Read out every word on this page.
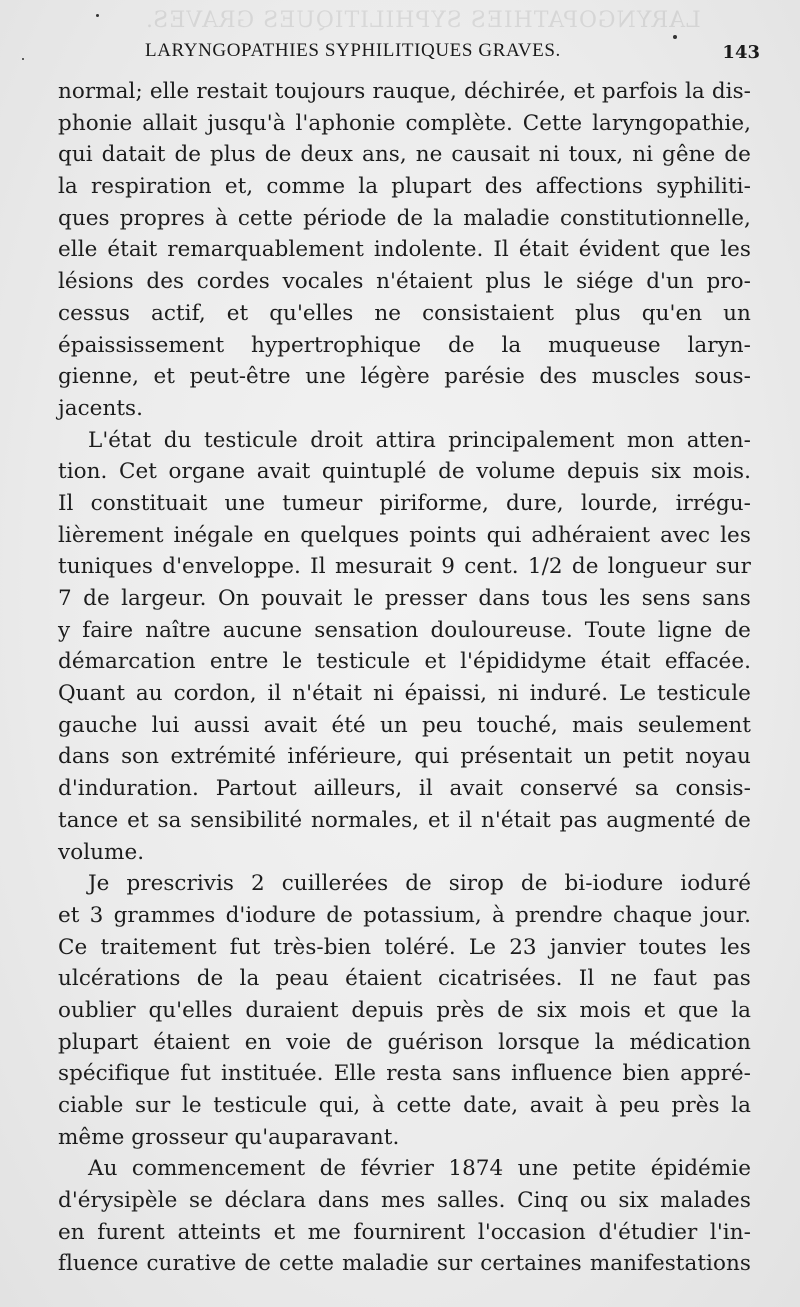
LARYNGOPATHIES SYPHILITIQUES GRAVES.
LARYNGOPATHIES SYPHILITIQUES GRAVES.	143
normal; elle restait toujours rauque, déchirée, et parfois la dis-
phonie allait jusqu'à l'aphonie complète. Cette laryngopathie,
qui datait de plus de deux ans, ne causait ni toux, ni gêne de
la respiration et, comme la plupart des affections syphiliti-
ques propres à cette période de la maladie constitutionnelle,
elle était remarquablement indolente. Il était évident que les
lésions des cordes vocales n'étaient plus le siége d'un pro-
cessus actif, et qu'elles ne consistaient plus qu'en un
épaississement hypertrophique de la muqueuse laryn-
gienne, et peut-être une légère parésie des muscles sous-
jacents.
L'état du testicule droit attira principalement mon atten-
tion. Cet organe avait quintuplé de volume depuis six mois.
Il constituait une tumeur piriforme, dure, lourde, irrégu-
lièrement inégale en quelques points qui adhéraient avec les
tuniques d'enveloppe. Il mesurait 9 cent. 1/2 de longueur sur
7 de largeur. On pouvait le presser dans tous les sens sans
y faire naître aucune sensation douloureuse. Toute ligne de
démarcation entre le testicule et l'épididyme était effacée.
Quant au cordon, il n'était ni épaissi, ni induré. Le testicule
gauche lui aussi avait été un peu touché, mais seulement
dans son extrémité inférieure, qui présentait un petit noyau
d'induration. Partout ailleurs, il avait conservé sa consis-
tance et sa sensibilité normales, et il n'était pas augmenté de
volume.
Je prescrivis 2 cuillerées de sirop de bi-iodure ioduré
et 3 grammes d'iodure de potassium, à prendre chaque jour.
Ce traitement fut très-bien toléré. Le 23 janvier toutes les
ulcérations de la peau étaient cicatrisées. Il ne faut pas
oublier qu'elles duraient depuis près de six mois et que la
plupart étaient en voie de guérison lorsque la médication
spécifique fut instituée. Elle resta sans influence bien appré-
ciable sur le testicule qui, à cette date, avait à peu près la
même grosseur qu'auparavant.
Au commencement de février 1874 une petite épidémie
d'érysipèle se déclara dans mes salles. Cinq ou six malades
en furent atteints et me fournirent l'occasion d'étudier l'in-
fluence curative de cette maladie sur certaines manifestations
